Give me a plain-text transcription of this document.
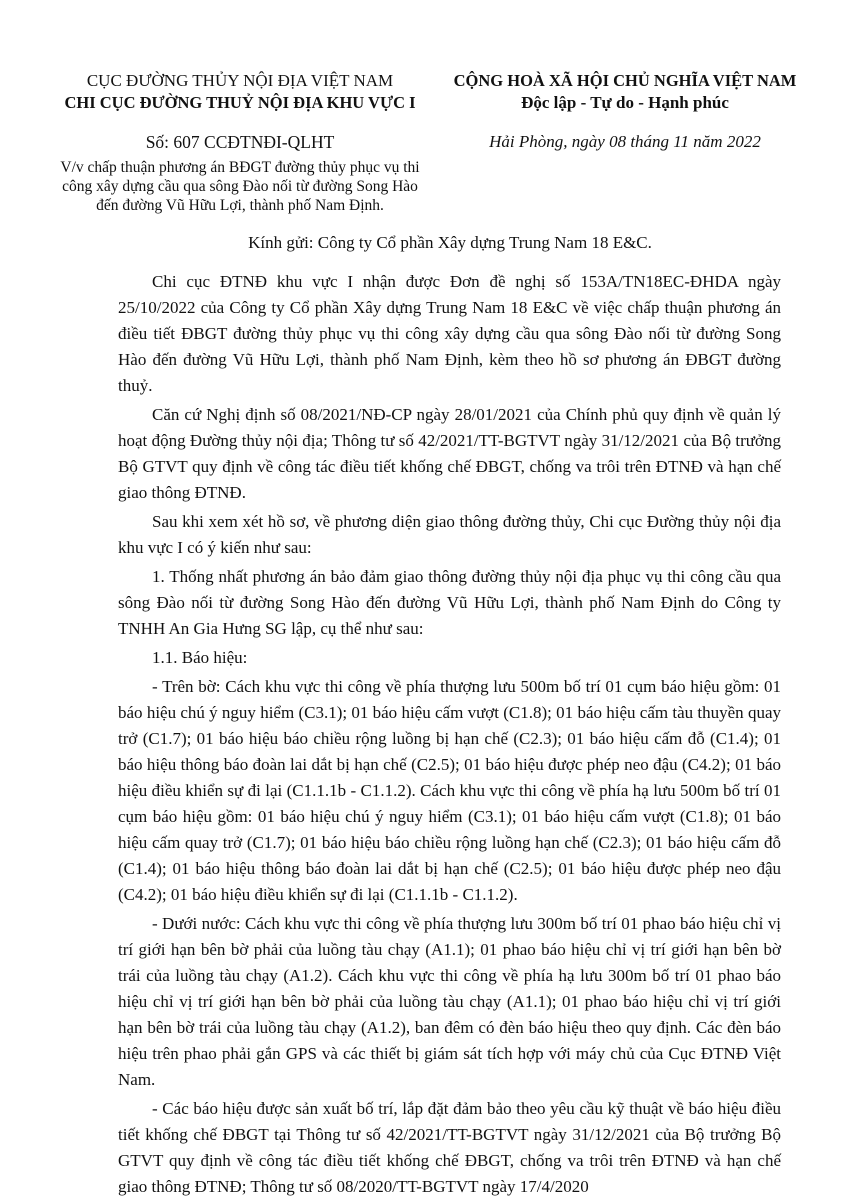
CỤC ĐƯỜNG THỦY NỘI ĐỊA VIỆT NAM
CHI CỤC ĐƯỜNG THUỶ NỘI ĐỊA KHU VỰC I
Số: 607 CCĐTNĐI-QLHT
V/v chấp thuận phương án BĐGT đường thủy phục vụ thi công xây dựng cầu qua sông Đào nối từ đường Song Hào đến đường Vũ Hữu Lợi, thành phố Nam Định.
CỘNG HOÀ XÃ HỘI CHỦ NGHĨA VIỆT NAM
Độc lập - Tự do - Hạnh phúc
Hải Phòng, ngày 08 tháng 11 năm 2022
Kính gửi: Công ty Cổ phần Xây dựng Trung Nam 18 E&C.

Chi cục ĐTNĐ khu vực I nhận được Đơn đề nghị số 153A/TN18EC-ĐHDA ngày 25/10/2022 của Công ty Cổ phần Xây dựng Trung Nam 18 E&C về việc chấp thuận phương án điều tiết ĐBGT đường thủy phục vụ thi công xây dựng cầu qua sông Đào nối từ đường Song Hào đến đường Vũ Hữu Lợi, thành phố Nam Định, kèm theo hồ sơ phương án ĐBGT đường thuỷ.

Căn cứ Nghị định số 08/2021/NĐ-CP ngày 28/01/2021 của Chính phủ quy định về quản lý hoạt động Đường thủy nội địa; Thông tư số 42/2021/TT-BGTVT ngày 31/12/2021 của Bộ trưởng Bộ GTVT quy định về công tác điều tiết khống chế ĐBGT, chống va trôi trên ĐTNĐ và hạn chế giao thông ĐTNĐ.

Sau khi xem xét hồ sơ, về phương diện giao thông đường thủy, Chi cục Đường thủy nội địa khu vực I có ý kiến như sau:

1. Thống nhất phương án bảo đảm giao thông đường thủy nội địa phục vụ thi công cầu qua sông Đào nối từ đường Song Hào đến đường Vũ Hữu Lợi, thành phố Nam Định do Công ty TNHH An Gia Hưng SG lập, cụ thể như sau:

1.1. Báo hiệu:

- Trên bờ: Cách khu vực thi công về phía thượng lưu 500m bố trí 01 cụm báo hiệu gồm: 01 báo hiệu chú ý nguy hiểm (C3.1); 01 báo hiệu cấm vượt (C1.8); 01 báo hiệu cấm tàu thuyền quay trở (C1.7); 01 báo hiệu báo chiều rộng luồng bị hạn chế (C2.3); 01 báo hiệu cấm đỗ (C1.4); 01 báo hiệu thông báo đoàn lai dắt bị hạn chế (C2.5); 01 báo hiệu được phép neo đậu (C4.2); 01 báo hiệu điều khiển sự đi lại (C1.1.1b - C1.1.2). Cách khu vực thi công về phía hạ lưu 500m bố trí 01 cụm báo hiệu gồm: 01 báo hiệu chú ý nguy hiểm (C3.1); 01 báo hiệu cấm vượt (C1.8); 01 báo hiệu cấm quay trở (C1.7); 01 báo hiệu báo chiều rộng luồng hạn chế (C2.3); 01 báo hiệu cấm đỗ (C1.4); 01 báo hiệu thông báo đoàn lai dắt bị hạn chế (C2.5); 01 báo hiệu được phép neo đậu (C4.2); 01 báo hiệu điều khiển sự đi lại (C1.1.1b - C1.1.2).

- Dưới nước: Cách khu vực thi công về phía thượng lưu 300m bố trí 01 phao báo hiệu chỉ vị trí giới hạn bên bờ phải của luồng tàu chạy (A1.1); 01 phao báo hiệu chỉ vị trí giới hạn bên bờ trái của luồng tàu chạy (A1.2). Cách khu vực thi công về phía hạ lưu 300m bố trí 01 phao báo hiệu chỉ vị trí giới hạn bên bờ phải của luồng tàu chạy (A1.1); 01 phao báo hiệu chỉ vị trí giới hạn bên bờ trái của luồng tàu chạy (A1.2), ban đêm có đèn báo hiệu theo quy định. Các đèn báo hiệu trên phao phải gắn GPS và các thiết bị giám sát tích hợp với máy chủ của Cục ĐTNĐ Việt Nam.

- Các báo hiệu được sản xuất bố trí, lắp đặt đảm bảo theo yêu cầu kỹ thuật về báo hiệu điều tiết khống chế ĐBGT tại Thông tư số 42/2021/TT-BGTVT ngày 31/12/2021 của Bộ trưởng Bộ GTVT quy định về công tác điều tiết khống chế ĐBGT, chống va trôi trên ĐTNĐ và hạn chế giao thông ĐTNĐ; Thông tư số 08/2020/TT-BGTVT ngày 17/4/2020
